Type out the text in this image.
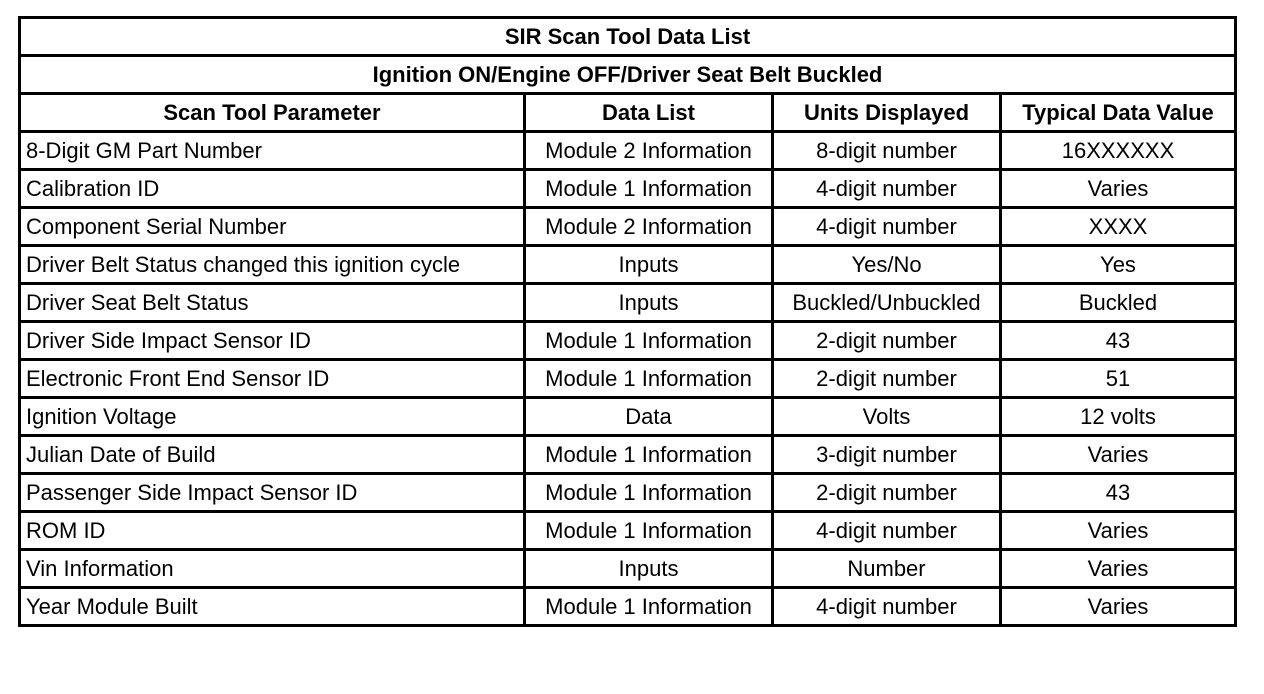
SIR Scan Tool Data List			
Ignition ON/Engine OFF/Driver Seat Belt Buckled			
Scan Tool Parameter	Data List	Units Displayed	Typical Data Value
8-Digit GM Part Number	Module 2 Information	8-digit number	16XXXXXX
Calibration ID	Module 1 Information	4-digit number	Varies
Component Serial Number	Module 2 Information	4-digit number	XXXX
Driver Belt Status changed this ignition cycle	Inputs	Yes/No	Yes
Driver Seat Belt Status	Inputs	Buckled/Unbuckled	Buckled
Driver Side Impact Sensor ID	Module 1 Information	2-digit number	43
Electronic Front End Sensor ID	Module 1 Information	2-digit number	51
Ignition Voltage	Data	Volts	12 volts
Julian Date of Build	Module 1 Information	3-digit number	Varies
Passenger Side Impact Sensor ID	Module 1 Information	2-digit number	43
ROM ID	Module 1 Information	4-digit number	Varies
Vin Information	Inputs	Number	Varies
Year Module Built	Module 1 Information	4-digit number	Varies
